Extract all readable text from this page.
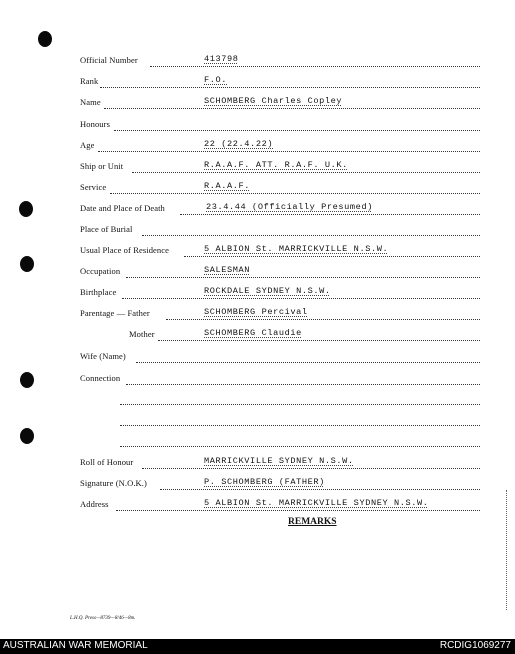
Official Number	413798
Rank	F.O.
Name	SCHOMBERG Charles Copley
Honours
Age	22 (22.4.22)
Ship or Unit	R.A.A.F. ATT. R.A.F. U.K.
Service	R.A.A.F.
Date and Place of Death	23.4.44 (Officially Presumed)
Place of Burial
Usual Place of Residence	5 ALBION St. MARRICKVILLE N.S.W.
Occupation	SALESMAN
Birthplace	ROCKDALE SYDNEY N.S.W.
Parentage — Father	SCHOMBERG Percival
Mother	SCHOMBERG Claudie
Wife (Name)
Connection
Roll of Honour	MARRICKVILLE SYDNEY N.S.W.
Signature (N.O.K.)	P. SCHOMBERG (FATHER)
Address	5 ALBION St. MARRICKVILLE SYDNEY N.S.W.
REMARKS
L.H.Q. Press—8739—8/46—8m.
AUSTRALIAN WAR MEMORIAL	RCDIG1069277
